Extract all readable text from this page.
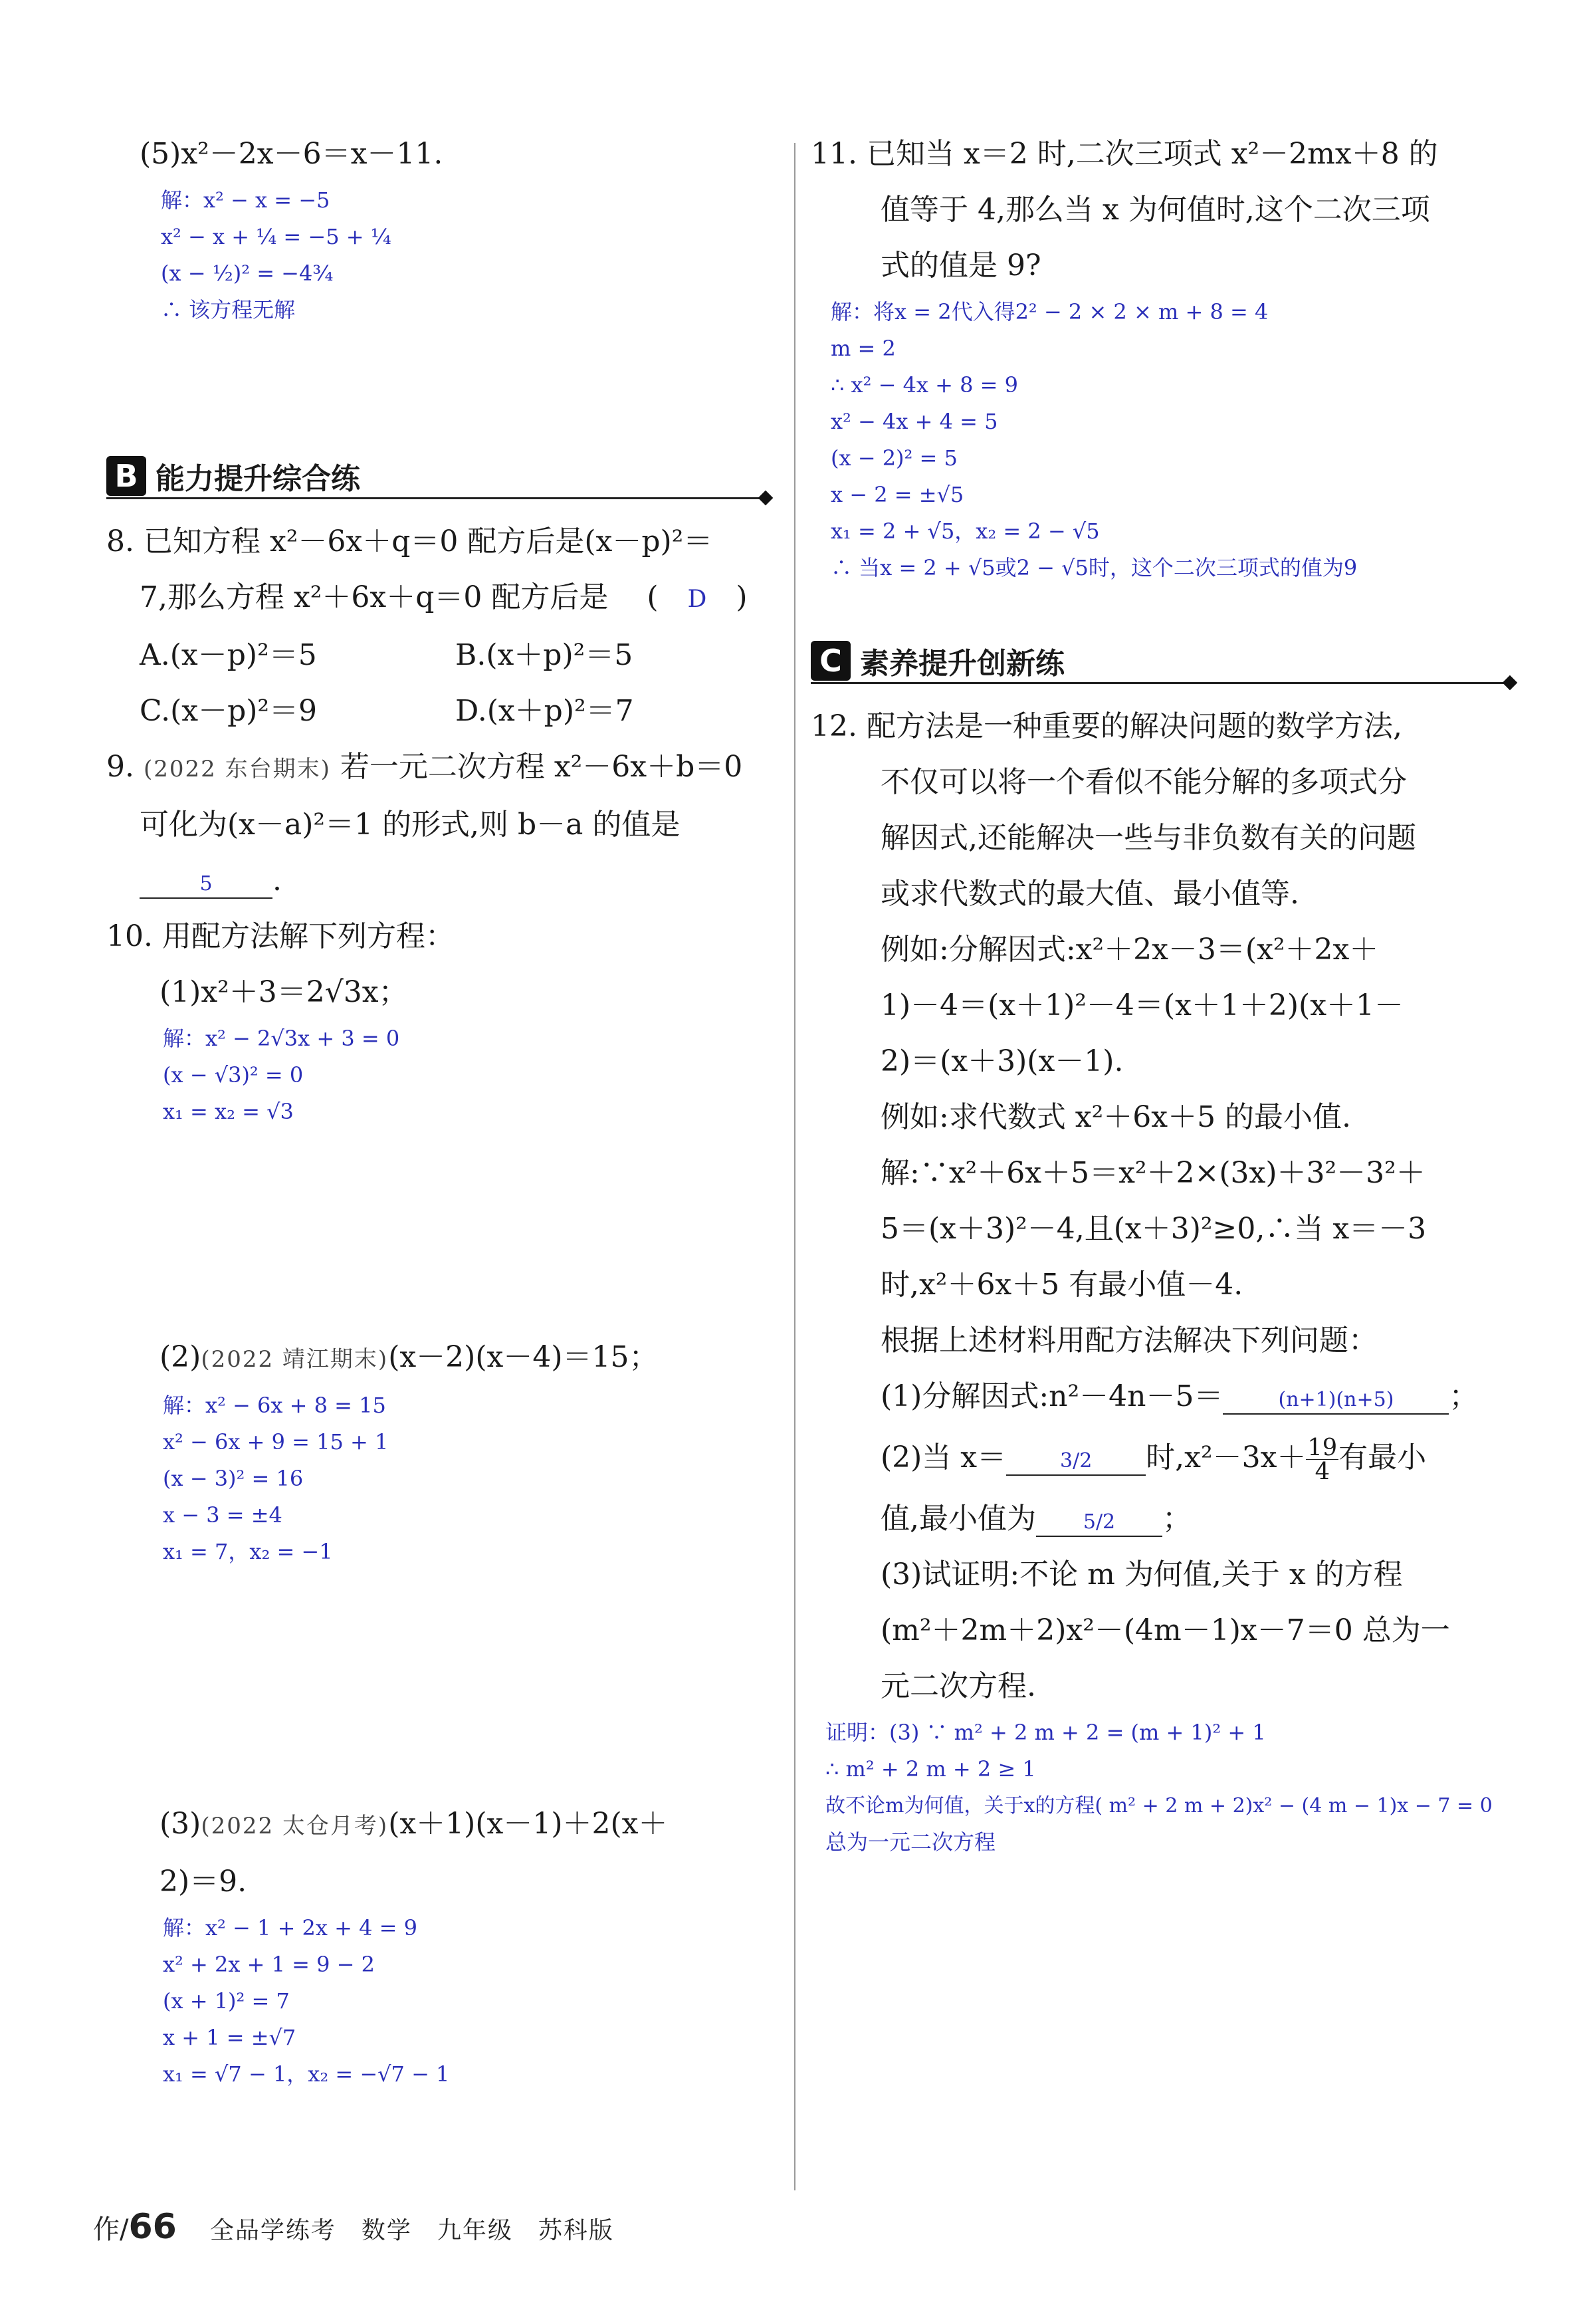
(5)x²－2x－6＝x－11.
解：x² − x = −5
x² − x + ¼ = −5 + ¼
(x − ½)² = −4¾
∴ 该方程无解
B 能力提升综合练
8. 已知方程 x²－6x＋q＝0 配方后是(x－p)²＝
7,那么方程 x²＋6x＋q＝0 配方后是 　(　D　)
A.(x－p)²＝5	B.(x＋p)²＝5
C.(x－p)²＝9	D.(x＋p)²＝7
9. (2022 东台期末) 若一元二次方程 x²－6x＋b＝0
可化为(x－a)²＝1 的形式,则 b－a 的值是
5 .
10. 用配方法解下列方程：
(1)x²＋3＝2√3x；
解：x² − 2√3x + 3 = 0
(x − √3)² = 0
x₁ = x₂ = √3
(2)(2022 靖江期末)(x－2)(x－4)＝15；
解：x² − 6x + 8 = 15
x² − 6x + 9 = 15 + 1
(x − 3)² = 16
x − 3 = ±4
x₁ = 7，x₂ = −1
(3)(2022 太仓月考)(x＋1)(x－1)＋2(x＋
2)＝9.
解：x² − 1 + 2x + 4 = 9
x² + 2x + 1 = 9 − 2
(x + 1)² = 7
x + 1 = ±√7
x₁ = √7 − 1，x₂ = −√7 − 1
11. 已知当 x＝2 时,二次三项式 x²－2mx＋8 的
值等于 4,那么当 x 为何值时,这个二次三项
式的值是 9?
解：将x = 2代入得2² − 2 × 2 × m + 8 = 4
m = 2
∴ x² − 4x + 8 = 9
x² − 4x + 4 = 5
(x − 2)² = 5
x − 2 = ±√5
x₁ = 2 + √5，x₂ = 2 − √5
∴ 当x = 2 + √5或2 − √5时，这个二次三项式的值为9
C 素养提升创新练
12. 配方法是一种重要的解决问题的数学方法,
不仅可以将一个看似不能分解的多项式分
解因式,还能解决一些与非负数有关的问题
或求代数式的最大值、最小值等.
例如:分解因式:x²＋2x－3＝(x²＋2x＋
1)－4＝(x＋1)²－4＝(x＋1＋2)(x＋1－
2)＝(x＋3)(x－1).
例如:求代数式 x²＋6x＋5 的最小值.
解:∵x²＋6x＋5＝x²＋2×(3x)＋3²－3²＋
5＝(x＋3)²－4,且(x＋3)²≥0,∴当 x＝－3
时,x²＋6x＋5 有最小值－4.
根据上述材料用配方法解决下列问题：
(1)分解因式:n²－4n－5＝	(n+1)(n+5) ；
(2)当 x＝	3/2 时$,x^2-3x+ \frac{19}{4}$ 有最小
值,最小值为 5/2 ；
(3)试证明:不论 m 为何值,关于 x 的方程
(m²＋2m＋2)x²－(4m－1)x－7＝0 总为一
元二次方程.
证明：(3) ∵ m² + 2 m + 2 = (m + 1)² + 1
∴ m² + 2 m + 2 ≥ 1
故不论m为何值，关于x的方程( m² + 2 m + 2)x² − (4 m − 1)x − 7 = 0
总为一元二次方程
作/ 66 全品学练考　数学　九年级　苏科版
